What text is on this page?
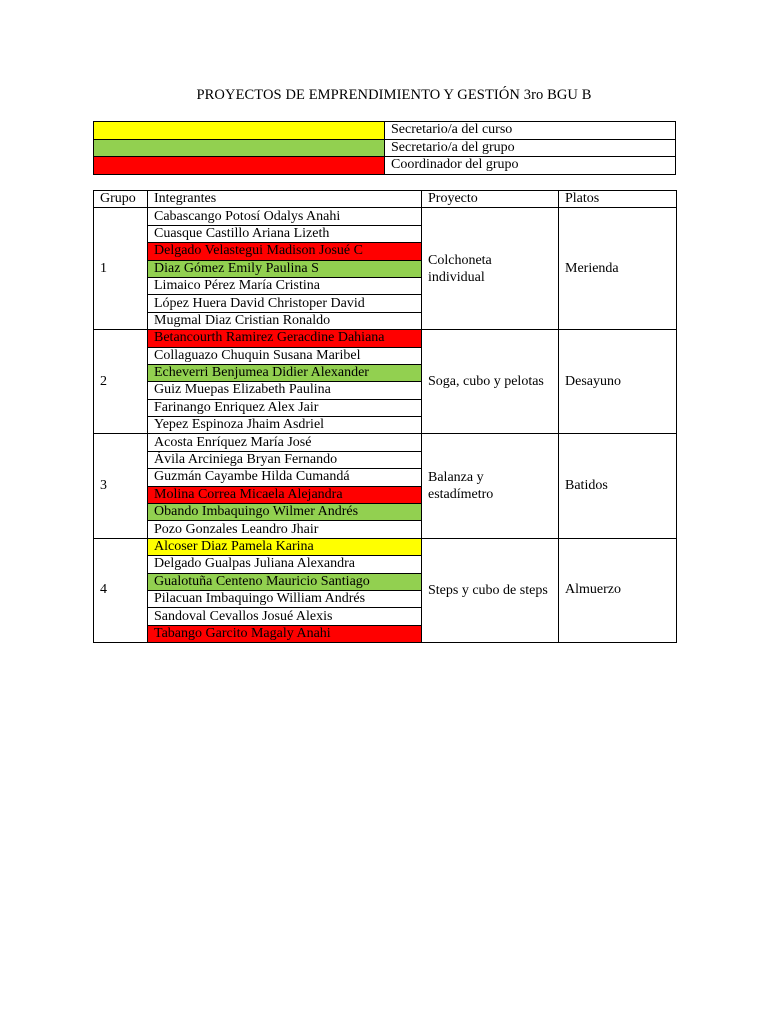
PROYECTOS DE EMPRENDIMIENTO Y GESTIÓN 3ro BGU B
	Secretario/a del curso
	Secretario/a del grupo
	Coordinador del grupo
Grupo	Integrantes	Proyecto	Platos
1	Cabascango Potosí Odalys Anahi	Colchoneta individual	Merienda
	Cuasque Castillo Ariana Lizeth		
	Delgado Velastegui Madison Josué C		
	Diaz Gómez Emily Paulina S		
	Limaico Pérez María Cristina		
	López Huera David Christoper David		
	Mugmal Diaz Cristian Ronaldo		
2	Betancourth Ramirez Geracdine Dahiana	Soga, cubo y pelotas	Desayuno
	Collaguazo Chuquin Susana Maribel		
	Echeverri Benjumea Didier Alexander		
	Guiz Muepas Elizabeth Paulina		
	Farinango Enriquez Alex Jair		
	Yepez Espinoza Jhaim Asdriel		
3	Acosta Enríquez María José	Balanza y estadímetro	Batidos
	Ávila Arciniega Bryan Fernando		
	Guzmán Cayambe Hilda Cumandá		
	Molina Correa Micaela Alejandra		
	Obando Imbaquingo Wilmer Andrés		
	Pozo Gonzales Leandro Jhair		
4	Alcoser Diaz Pamela Karina	Steps y cubo de steps	Almuerzo
	Delgado Gualpas Juliana Alexandra		
	Gualotuña Centeno Mauricio Santiago		
	Pilacuan Imbaquingo William Andrés		
	Sandoval Cevallos Josué Alexis		
	Tabango Garcito Magaly Anahi		
